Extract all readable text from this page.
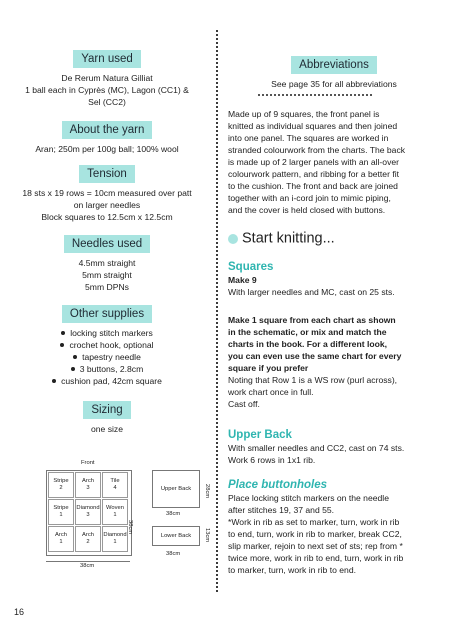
Yarn used
De Rerum Natura Gilliat
1 ball each in Cyprès (MC), Lagon (CC1) &
Sel (CC2)
About the yarn
Aran; 250m per 100g ball; 100% wool
Tension
18 sts x 19 rows = 10cm measured over patt
on larger needles
Block squares to 12.5cm x 12.5cm
Needles used
4.5mm straight
5mm straight
5mm DPNs
Other supplies
locking stitch markers
crochet hook, optional
tapestry needle
3 buttons, 2.8cm
cushion pad, 42cm square
Sizing
one size
Front
Stripe
2
Arch
3
Tile
4
Stripe
1
Diamond
3
Woven
1
Arch
1
Arch
2
Diamond
1
38cm
38cm
Upper Back 28cm
38cm
Lower Back 13cm
38cm
16
Abbreviations
See page 35 for all abbreviations
Made up of 9 squares, the front panel is
knitted as individual squares and then joined
into one panel. The squares are worked in
stranded colourwork from the charts. The back
is made up of 2 larger panels with an all-over
colourwork pattern, and ribbing for a better fit
to the cushion. The front and back are joined
together with an i-cord join to mimic piping,
and the cover is held closed with buttons.
Start knitting...
Squares
Make 9
With larger needles and MC, cast on 25 sts.
Make 1 square from each chart as shown
in the schematic, or mix and match the
charts in the book. For a different look,
you can even use the same chart for every
square if you prefer
Noting that Row 1 is a WS row (purl across),
work chart once in full.
Cast off.
Upper Back
With smaller needles and CC2, cast on 74 sts.
Work 6 rows in 1x1 rib.
Place buttonholes
Place locking stitch markers on the needle
after stitches 19, 37 and 55.
*Work in rib as set to marker, turn, work in rib
to end, turn, work in rib to marker, break CC2,
slip marker, rejoin to next set of sts; rep from *
twice more, work in rib to end, turn, work in rib
to marker, turn, work in rib to end.
